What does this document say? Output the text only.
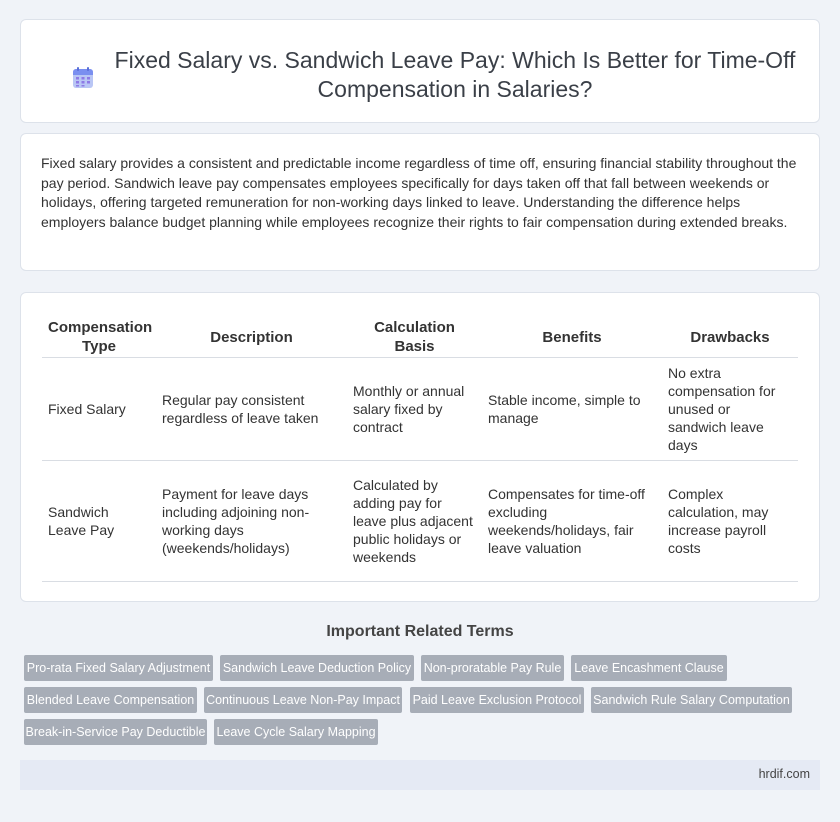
Fixed Salary vs. Sandwich Leave Pay: Which Is Better for Time-Off Compensation in Salaries?

Fixed salary provides a consistent and predictable income regardless of time off, ensuring financial stability throughout the pay period. Sandwich leave pay compensates employees specifically for days taken off that fall between weekends or holidays, offering targeted remuneration for non-working days linked to leave. Understanding the difference helps employers balance budget planning while employees recognize their rights to fair compensation during extended breaks.

Compensation Type	Description	Calculation Basis	Benefits	Drawbacks
Fixed Salary	Regular pay consistent regardless of leave taken	Monthly or annual salary fixed by contract	Stable income, simple to manage	No extra compensation for unused or sandwich leave days
Sandwich Leave Pay	Payment for leave days including adjoining non-working days (weekends/holidays)	Calculated by adding pay for leave plus adjacent public holidays or weekends	Compensates for time-off excluding weekends/holidays, fair leave valuation	Complex calculation, may increase payroll costs
Important Related Terms
Pro-rata Fixed Salary Adjustment Sandwich Leave Deduction Policy Non-proratable Pay Rule Leave Encashment Clause
Blended Leave Compensation Continuous Leave Non-Pay Impact Paid Leave Exclusion Protocol Sandwich Rule Salary Computation
Break-in-Service Pay Deductible Leave Cycle Salary Mapping
hrdif.com
